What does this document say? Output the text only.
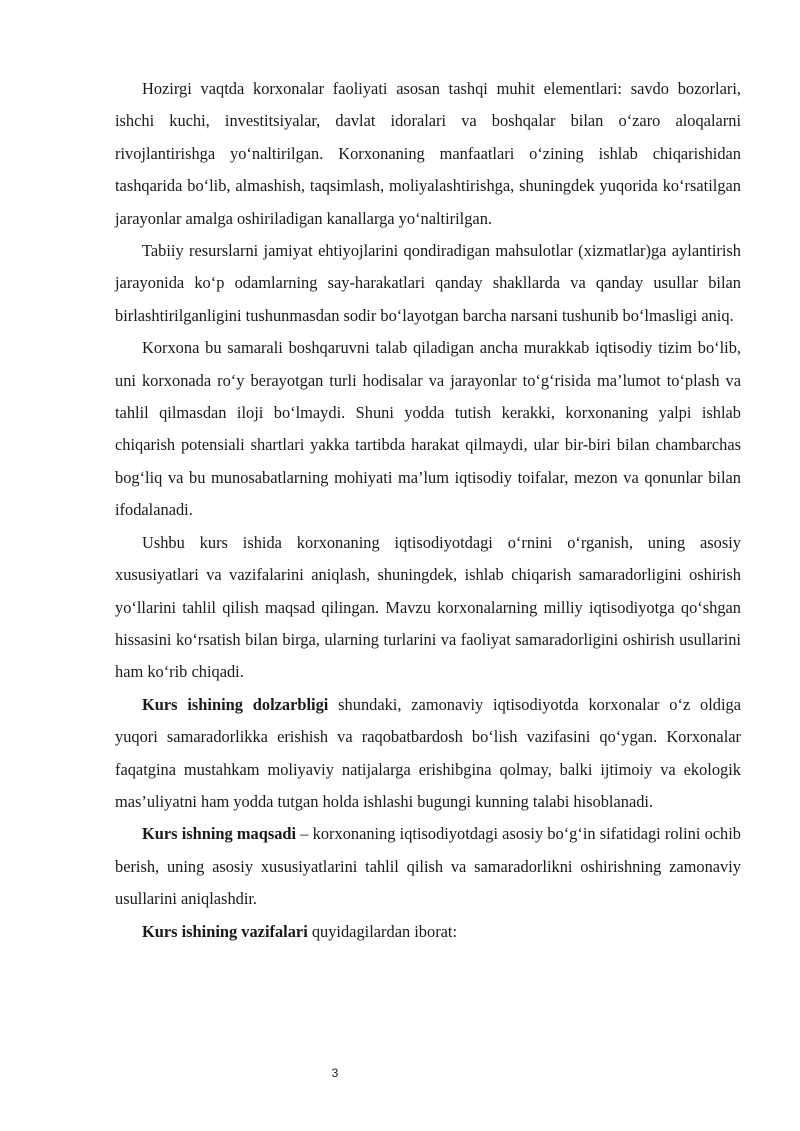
Hozirgi vaqtda korxonalar faoliyati asosan tashqi muhit elementlari: savdo bozorlari, ishchi kuchi, investitsiyalar, davlat idoralari va boshqalar bilan o‘zaro aloqalarni rivojlantirishga yo‘naltirilgan. Korxonaning manfaatlari o‘zining ishlab chiqarishidan tashqarida bo‘lib, almashish, taqsimlash, moliyalashtirishga, shuningdek yuqorida ko‘rsatilgan jarayonlar amalga oshiriladigan kanallarga yo‘naltirilgan.

Tabiiy resurslarni jamiyat ehtiyojlarini qondiradigan mahsulotlar (xizmatlar)ga aylantirish jarayonida ko‘p odamlarning say-harakatlari qanday shakllarda va qanday usullar bilan birlashtirilganligini tushunmasdan sodir bo‘layotgan barcha narsani tushunib bo‘lmasligi aniq.

Korxona bu samarali boshqaruvni talab qiladigan ancha murakkab iqtisodiy tizim bo‘lib, uni korxonada ro‘y berayotgan turli hodisalar va jarayonlar to‘g‘risida ma’lumot to‘plash va tahlil qilmasdan iloji bo‘lmaydi. Shuni yodda tutish kerakki, korxonaning yalpi ishlab chiqarish potensiali shartlari yakka tartibda harakat qilmaydi, ular bir-biri bilan chambarchas bog‘liq va bu munosabatlarning mohiyati ma’lum iqtisodiy toifalar, mezon va qonunlar bilan ifodalanadi.

Ushbu kurs ishida korxonaning iqtisodiyotdagi o‘rnini o‘rganish, uning asosiy xususiyatlari va vazifalarini aniqlash, shuningdek, ishlab chiqarish samaradorligini oshirish yo‘llarini tahlil qilish maqsad qilingan. Mavzu korxonalarning milliy iqtisodiyotga qo‘shgan hissasini ko‘rsatish bilan birga, ularning turlarini va faoliyat samaradorligini oshirish usullarini ham ko‘rib chiqadi.

Kurs ishining dolzarbligi shundaki, zamonaviy iqtisodiyotda korxonalar o‘z oldiga yuqori samaradorlikka erishish va raqobatbardosh bo‘lish vazifasini qo‘ygan. Korxonalar faqatgina mustahkam moliyaviy natijalarga erishibgina qolmay, balki ijtimoiy va ekologik mas’uliyatni ham yodda tutgan holda ishlashi bugungi kunning talabi hisoblanadi.

Kurs ishning maqsadi – korxonaning iqtisodiyotdagi asosiy bo‘g‘in sifatidagi rolini ochib berish, uning asosiy xususiyatlarini tahlil qilish va samaradorlikni oshirishning zamonaviy usullarini aniqlashdir.

Kurs ishining vazifalari quyidagilardan iborat:

3
